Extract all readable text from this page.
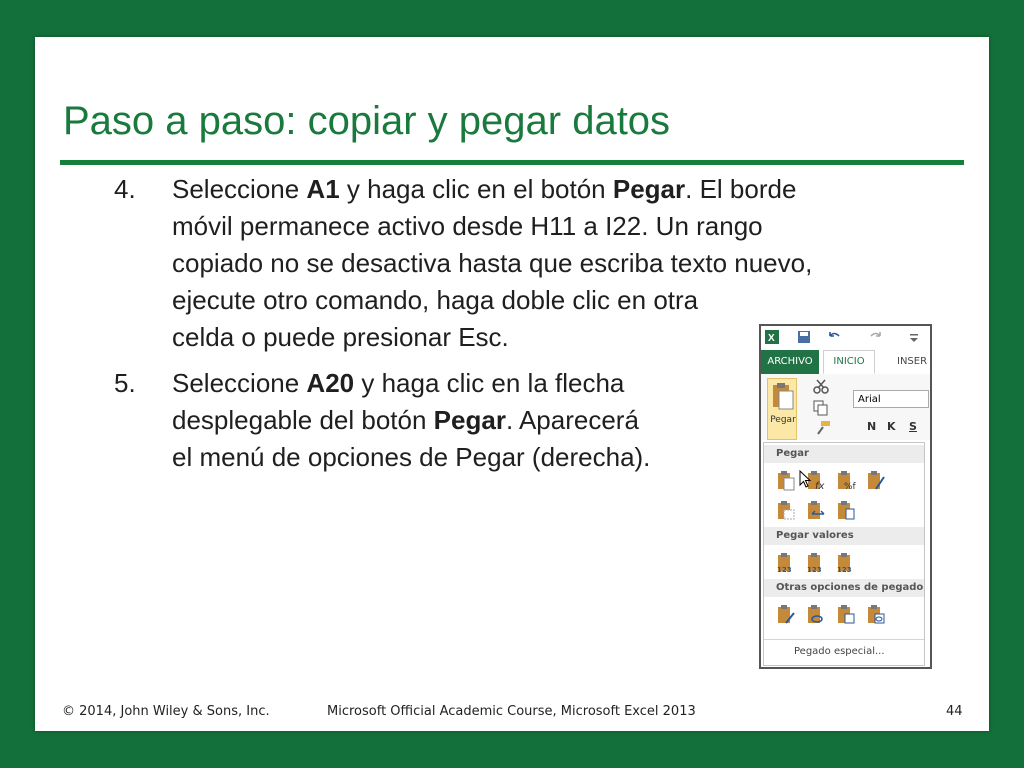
Paso a paso: copiar y pegar datos
4. Seleccione A1 y haga clic en el botón Pegar. El borde
móvil permanece activo desde H11 a I22. Un rango
copiado no se desactiva hasta que escriba texto nuevo,
ejecute otro comando, haga doble clic en otra
celda o puede presionar Esc.
5. Seleccione A20 y haga clic en la flecha
desplegable del botón Pegar. Aparecerá
el menú de opciones de Pegar (derecha).
X
ARCHIVO	INICIO	INSER
Pegar
Arial
N K S
Pegar
fx %f
Pegar valores
123 123 123
Otras opciones de pegado
Pegado especial...
© 2014, John Wiley & Sons, Inc.	Microsoft Official Academic Course, Microsoft Excel 2013	44
